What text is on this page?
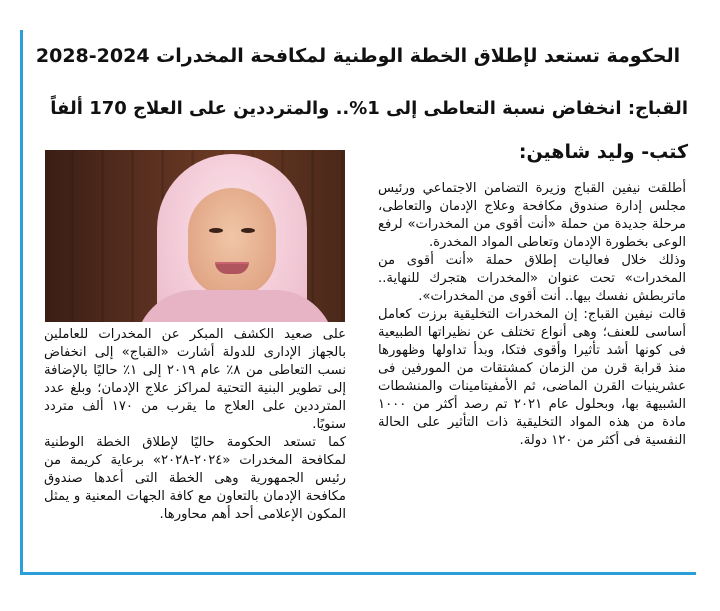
الحكومة تستعد لإطلاق الخطة الوطنية لمكافحة المخدرات 2024-2028
القباج: انخفاض نسبة التعاطى إلى 1%.. والمترددين على العلاج 170 ألفاً
كتب- وليد شاهين:

أطلقت نيفين القباج وزيرة التضامن الاجتماعي ورئيس مجلس إدارة صندوق مكافحة وعلاج الإدمان والتعاطى، مرحلة جديدة من حملة «أنت أقوى من المخدرات» لرفع الوعى بخطورة الإدمان وتعاطى المواد المخدرة.

وذلك خلال فعاليات إطلاق حملة «أنت أقوى من المخدرات» تحت عنوان «المخدرات هتجرك للنهاية.. ماتربطش نفسك بيها.. أنت أقوى من المخدرات».

قالت نيفين القباج: إن المخدرات التخليقية برزت كعامل أساسى للعنف؛ وهى أنواع تختلف عن نظيراتها الطبيعية فى كونها أشد تأثيرا وأقوى فتكا، وبدأ تداولها وظهورها منذ قرابة قرن من الزمان كمشتقات من المورفين فى عشرينيات القرن الماضى، ثم الأمفيتامينات والمنشطات الشبيهة بها، وبحلول عام ٢٠٢١ تم رصد أكثر من ١٠٠٠ مادة من هذه المواد التخليقية ذات التأثير على الحالة النفسية فى أكثر من ١٢٠ دولة.

على صعيد الكشف المبكر عن المخدرات للعاملين بالجهاز الإدارى للدولة أشارت «القباج» إلى انخفاض نسب التعاطى من ٨٪ عام ٢٠١٩ إلى ١٪ حاليًا بالإضافة إلى تطوير البنية التحتية لمراكز علاج الإدمان؛ وبلغ عدد المترددين على العلاج ما يقرب من ١٧٠ ألف متردد سنويًا.

كما تستعد الحكومة حاليًا لإطلاق الخطة الوطنية لمكافحة المخدرات «٢٠٢٤-٢٠٢٨» برعاية كريمة من رئيس الجمهورية وهى الخطة التى أعدها صندوق مكافحة الإدمان بالتعاون مع كافة الجهات المعنية و يمثل المكون الإعلامى أحد أهم محاورها.
